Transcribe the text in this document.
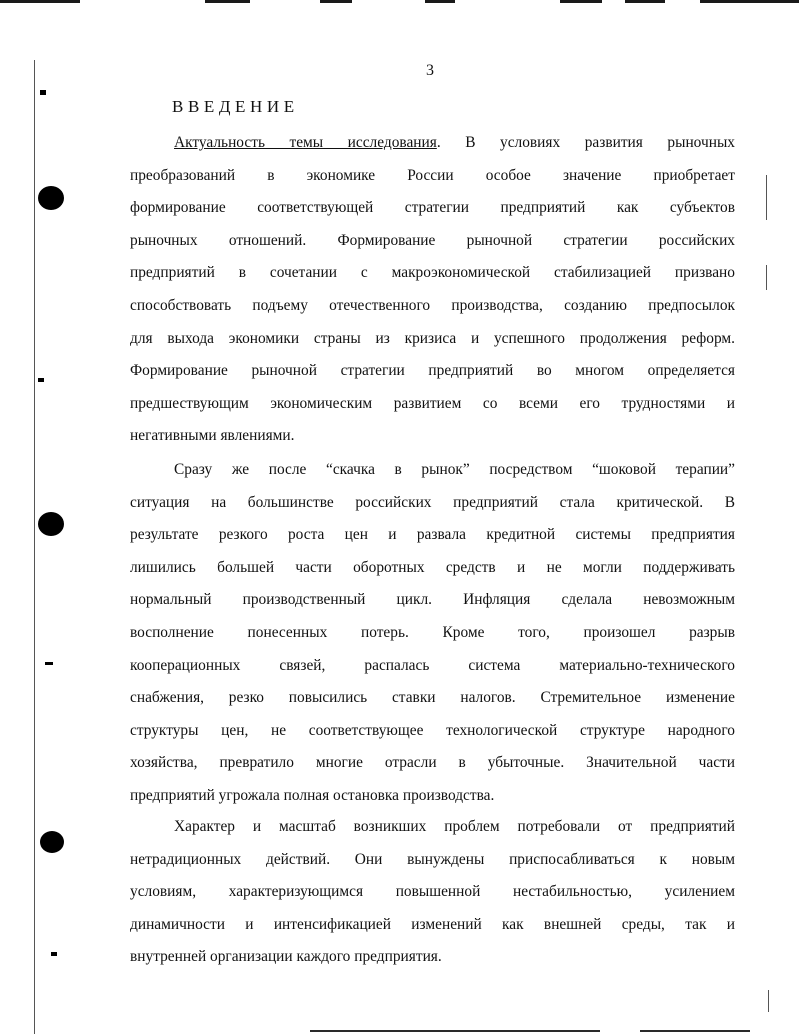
3
ВВЕДЕНИЕ
Актуальность темы исследования. В условиях развития рыночных
преобразований в экономике России особое значение приобретает
формирование соответствующей стратегии предприятий как субъектов
рыночных отношений. Формирование рыночной стратегии российских
предприятий в сочетании с макроэкономической стабилизацией призвано
способствовать подъему отечественного производства, созданию предпосылок
для выхода экономики страны из кризиса и успешного продолжения реформ.
Формирование рыночной стратегии предприятий во многом определяется
предшествующим экономическим развитием со всеми его трудностями и
негативными явлениями.
Сразу же после “скачка в рынок” посредством “шоковой терапии”
ситуация на большинстве российских предприятий стала критической. В
результате резкого роста цен и развала кредитной системы предприятия
лишились большей части оборотных средств и не могли поддерживать
нормальный производственный цикл. Инфляция сделала невозможным
восполнение понесенных потерь. Кроме того, произошел разрыв
кооперационных связей, распалась система материально-технического
снабжения, резко повысились ставки налогов. Стремительное изменение
структуры цен, не соответствующее технологической структуре народного
хозяйства, превратило многие отрасли в убыточные. Значительной части
предприятий угрожала полная остановка производства.
Характер и масштаб возникших проблем потребовали от предприятий
нетрадиционных действий. Они вынуждены приспосабливаться к новым
условиям, характеризующимся повышенной нестабильностью, усилением
динамичности и интенсификацией изменений как внешней среды, так и
внутренней организации каждого предприятия.
